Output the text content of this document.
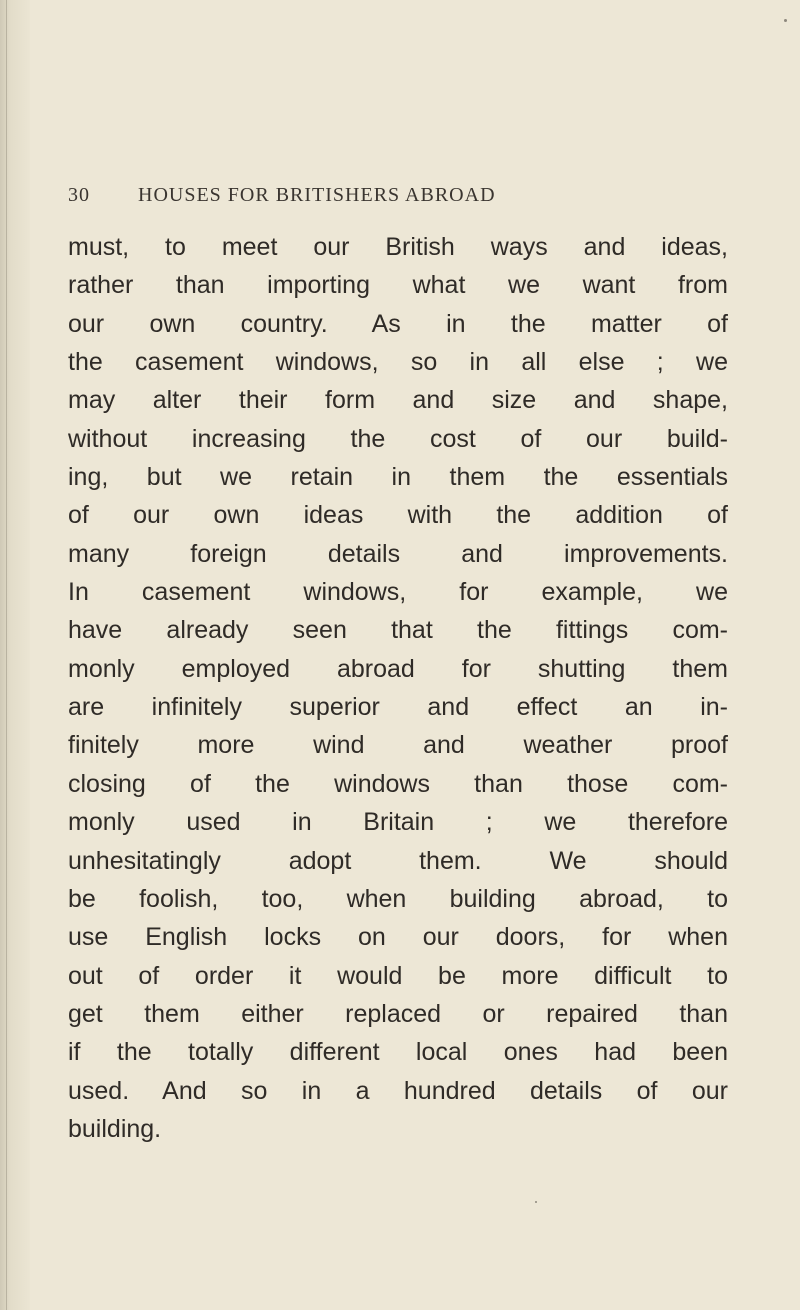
30 HOUSES FOR BRITISHERS ABROAD
must, to meet our British ways and ideas,
rather than importing what we want from
our own country. As in the matter of
the casement windows, so in all else ; we
may alter their form and size and shape,
without increasing the cost of our build-
ing, but we retain in them the essentials
of our own ideas with the addition of
many foreign details and improvements.
In casement windows, for example, we
have already seen that the fittings com-
monly employed abroad for shutting them
are infinitely superior and effect an in-
finitely more wind and weather proof
closing of the windows than those com-
monly used in Britain ; we therefore
unhesitatingly adopt them. We should
be foolish, too, when building abroad, to
use English locks on our doors, for when
out of order it would be more difficult to
get them either replaced or repaired than
if the totally different local ones had been
used. And so in a hundred details of our
building.
